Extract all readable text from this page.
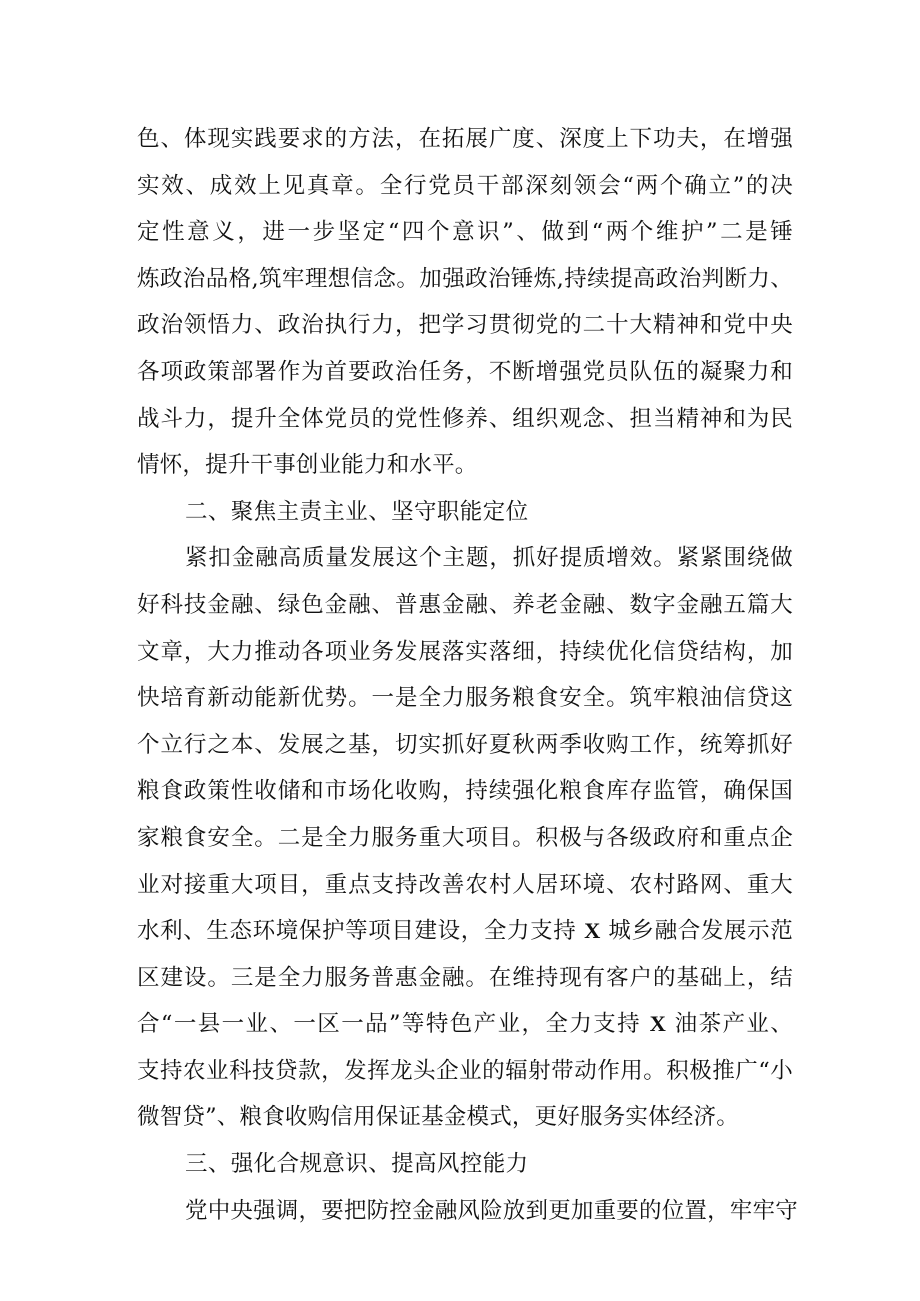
色、体现实践要求的方法，在拓展广度、深度上下功夫，在增强
实效、成效上见真章。全行党员干部深刻领会“两个确立”的决
定性意义，进一步坚定“四个意识”、做到“两个维护”二是锤
炼政治品格,筑牢理想信念。加强政治锤炼,持续提高政治判断力、
政治领悟力、政治执行力，把学习贯彻党的二十大精神和党中央
各项政策部署作为首要政治任务，不断增强党员队伍的凝聚力和
战斗力，提升全体党员的党性修养、组织观念、担当精神和为民
情怀，提升干事创业能力和水平。
二、聚焦主责主业、坚守职能定位
紧扣金融高质量发展这个主题，抓好提质增效。紧紧围绕做
好科技金融、绿色金融、普惠金融、养老金融、数字金融五篇大
文章，大力推动各项业务发展落实落细，持续优化信贷结构，加
快培育新动能新优势。一是全力服务粮食安全。筑牢粮油信贷这
个立行之本、发展之基，切实抓好夏秋两季收购工作，统筹抓好
粮食政策性收储和市场化收购，持续强化粮食库存监管，确保国
家粮食安全。二是全力服务重大项目。积极与各级政府和重点企
业对接重大项目，重点支持改善农村人居环境、农村路网、重大
水利、生态环境保护等项目建设，全力支持 X 城乡融合发展示范
区建设。三是全力服务普惠金融。在维持现有客户的基础上，结
合“一县一业、一区一品”等特色产业，全力支持 X 油茶产业、
支持农业科技贷款，发挥龙头企业的辐射带动作用。积极推广“小
微智贷”、粮食收购信用保证基金模式，更好服务实体经济。
三、强化合规意识、提高风控能力
党中央强调，要把防控金融风险放到更加重要的位置，牢牢守
